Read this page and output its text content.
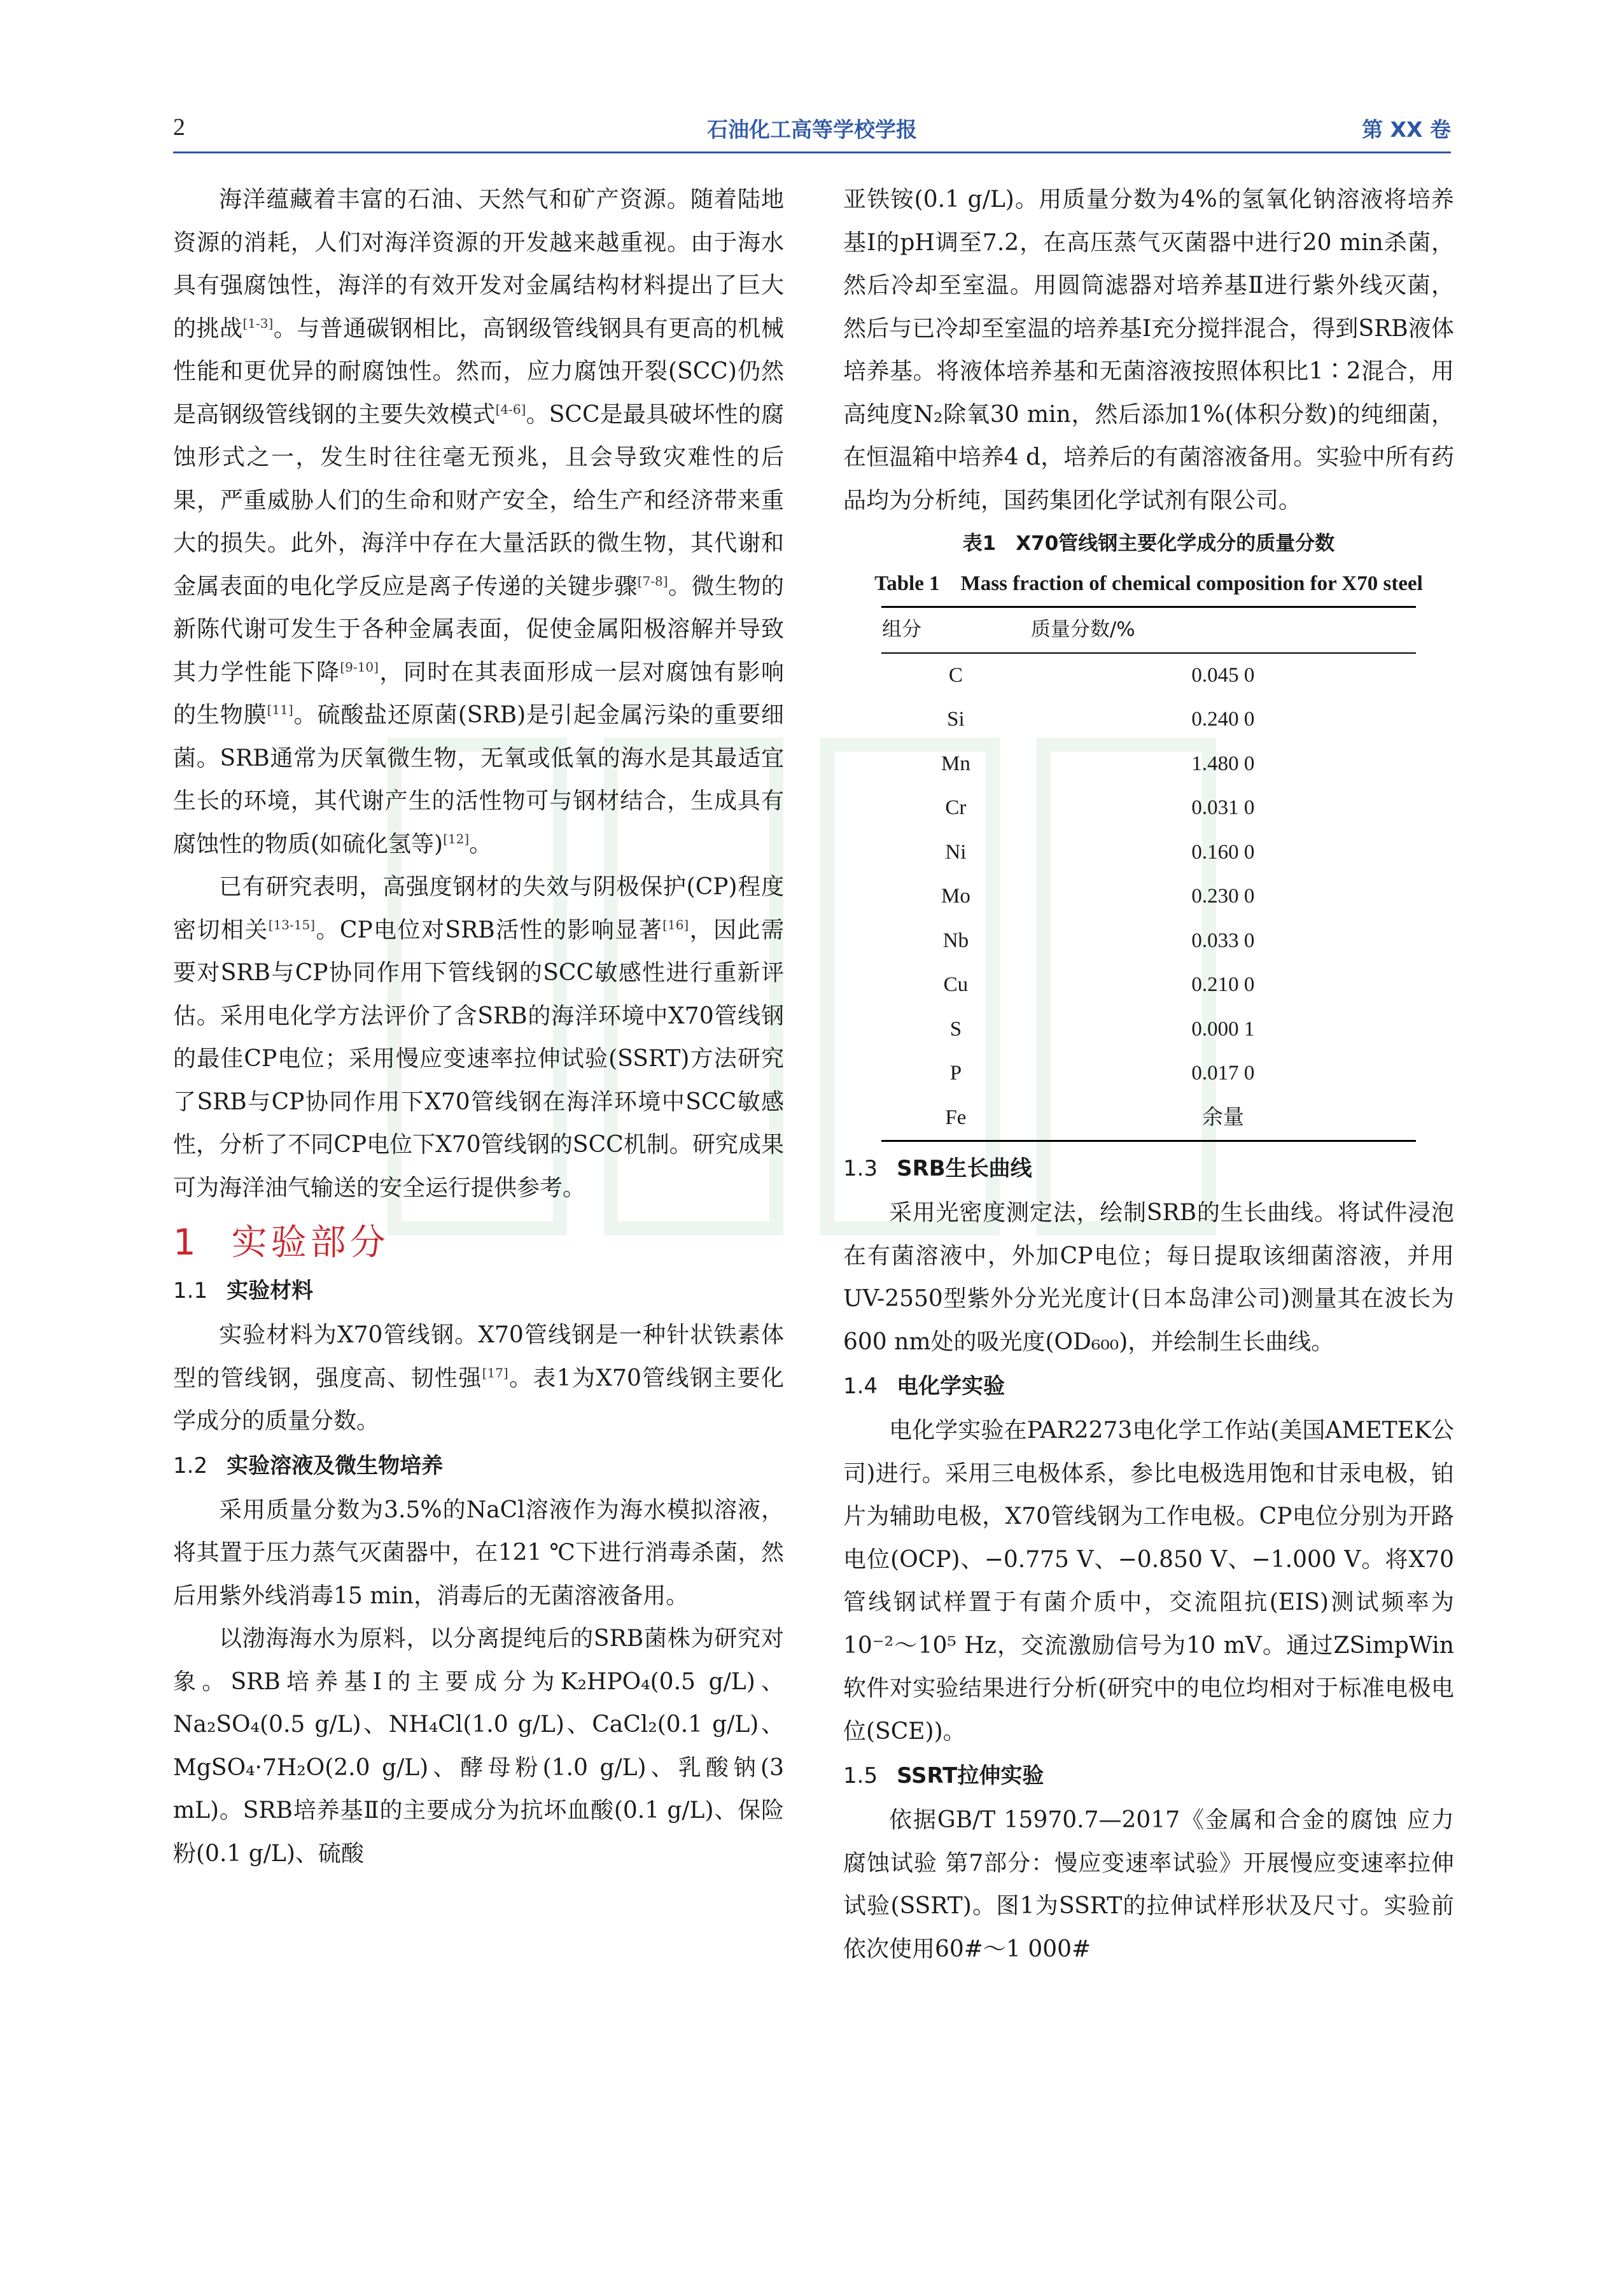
2	石油化工高等学校学报	第 XX 卷

海洋蕴藏着丰富的石油、天然气和矿产资源。随着陆地资源的消耗，人们对海洋资源的开发越来越重视。由于海水具有强腐蚀性，海洋的有效开发对金属结构材料提出了巨大的挑战[1-3]。与普通碳钢相比，高钢级管线钢具有更高的机械性能和更优异的耐腐蚀性。然而，应力腐蚀开裂(SCC)仍然是高钢级管线钢的主要失效模式[4-6]。SCC是最具破坏性的腐蚀形式之一，发生时往往毫无预兆，且会导致灾难性的后果，严重威胁人们的生命和财产安全，给生产和经济带来重大的损失。此外，海洋中存在大量活跃的微生物，其代谢和金属表面的电化学反应是离子传递的关键步骤[7-8]。微生物的新陈代谢可发生于各种金属表面，促使金属阳极溶解并导致其力学性能下降[9-10]，同时在其表面形成一层对腐蚀有影响的生物膜[11]。硫酸盐还原菌(SRB)是引起金属污染的重要细菌。SRB通常为厌氧微生物，无氧或低氧的海水是其最适宜生长的环境，其代谢产生的活性物可与钢材结合，生成具有腐蚀性的物质(如硫化氢等)[12]。

已有研究表明，高强度钢材的失效与阴极保护(CP)程度密切相关[13-15]。CP电位对SRB活性的影响显著[16]，因此需要对SRB与CP协同作用下管线钢的SCC敏感性进行重新评估。采用电化学方法评价了含SRB的海洋环境中X70管线钢的最佳CP电位；采用慢应变速率拉伸试验(SSRT)方法研究了SRB与CP协同作用下X70管线钢在海洋环境中SCC敏感性，分析了不同CP电位下X70管线钢的SCC机制。研究成果可为海洋油气输送的安全运行提供参考。

1 实验部分
1.1 实验材料

实验材料为X70管线钢。X70管线钢是一种针状铁素体型的管线钢，强度高、韧性强[17]。表1为X70管线钢主要化学成分的质量分数。

1.2 实验溶液及微生物培养

采用质量分数为3.5%的NaCl溶液作为海水模拟溶液，将其置于压力蒸气灭菌器中，在121 ℃下进行消毒杀菌，然后用紫外线消毒15 min，消毒后的无菌溶液备用。

以渤海海水为原料，以分离提纯后的SRB菌株为研究对象。SRB培养基Ⅰ的主要成分为K₂HPO₄(0.5 g/L)、Na₂SO₄(0.5 g/L)、NH₄Cl(1.0 g/L)、CaCl₂(0.1 g/L)、MgSO₄·7H₂O(2.0 g/L)、酵母粉(1.0 g/L)、乳酸钠(3 mL)。SRB培养基Ⅱ的主要成分为抗坏血酸(0.1 g/L)、保险粉(0.1 g/L)、硫酸

亚铁铵(0.1 g/L)。用质量分数为4%的氢氧化钠溶液将培养基Ⅰ的pH调至7.2，在高压蒸气灭菌器中进行20 min杀菌，然后冷却至室温。用圆筒滤器对培养基Ⅱ进行紫外线灭菌，然后与已冷却至室温的培养基Ⅰ充分搅拌混合，得到SRB液体培养基。将液体培养基和无菌溶液按照体积比1∶2混合，用高纯度N₂除氧30 min，然后添加1%(体积分数)的纯细菌，在恒温箱中培养4 d，培养后的有菌溶液备用。实验中所有药品均为分析纯，国药集团化学试剂有限公司。

表1　X70管线钢主要化学成分的质量分数
Table 1　Mass fraction of chemical composition for X70 steel
组分	质量分数/%
C	0.045 0
Si	0.240 0
Mn	1.480 0
Cr	0.031 0
Ni	0.160 0
Mo	0.230 0
Nb	0.033 0
Cu	0.210 0
S	0.000 1
P	0.017 0
Fe	余量
1.3 SRB生长曲线

采用光密度测定法，绘制SRB的生长曲线。将试件浸泡在有菌溶液中，外加CP电位；每日提取该细菌溶液，并用UV-2550型紫外分光光度计(日本岛津公司)测量其在波长为600 nm处的吸光度(OD₆₀₀)，并绘制生长曲线。

1.4 电化学实验

电化学实验在PAR2273电化学工作站(美国AMETEK公司)进行。采用三电极体系，参比电极选用饱和甘汞电极，铂片为辅助电极，X70管线钢为工作电极。CP电位分别为开路电位(OCP)、−0.775 V、−0.850 V、−1.000 V。将X70管线钢试样置于有菌介质中，交流阻抗(EIS)测试频率为10⁻²～10⁵ Hz，交流激励信号为10 mV。通过ZSimpWin软件对实验结果进行分析(研究中的电位均相对于标准电极电位(SCE))。

1.5 SSRT拉伸实验

依据GB/T 15970.7—2017《金属和合金的腐蚀 应力腐蚀试验 第7部分：慢应变速率试验》开展慢应变速率拉伸试验(SSRT)。图1为SSRT的拉伸试样形状及尺寸。实验前依次使用60#～1 000#
